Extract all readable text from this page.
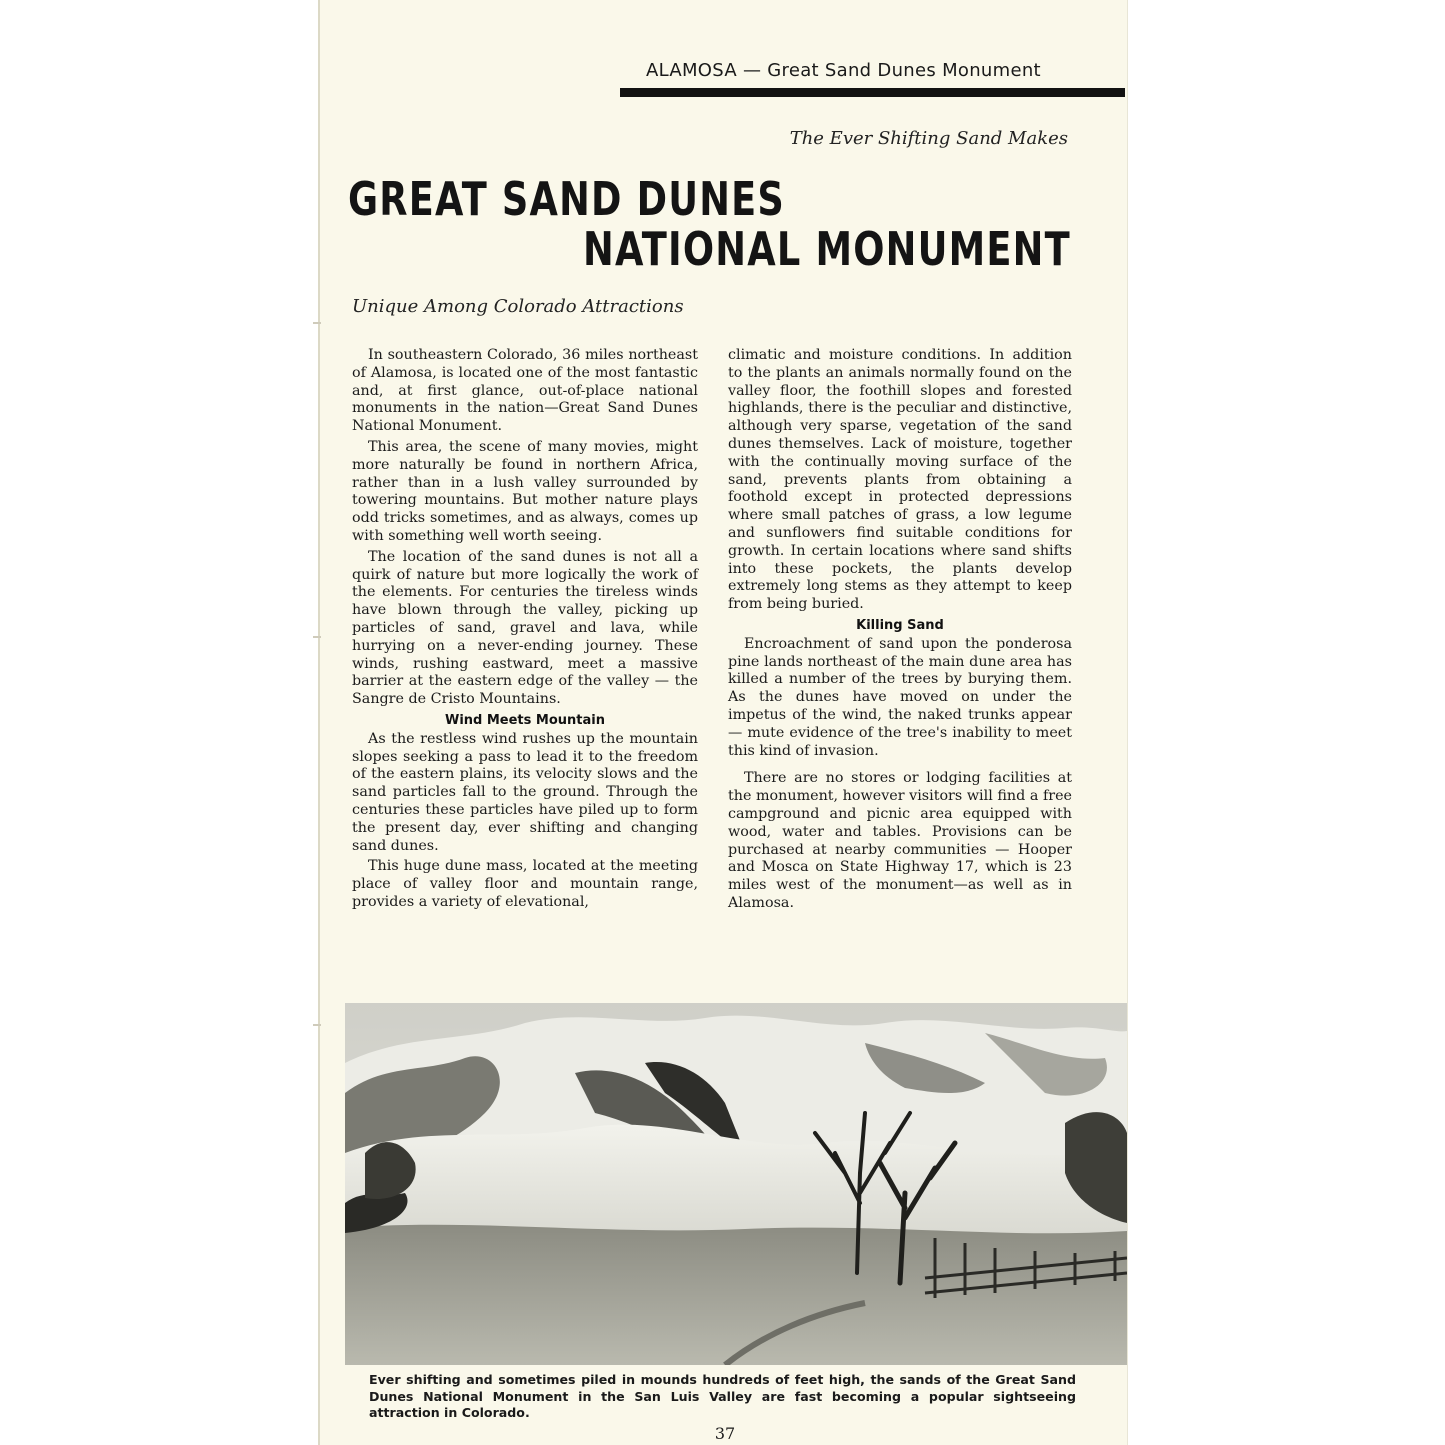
ALAMOSA — Great Sand Dunes Monument
The Ever Shifting Sand Makes
GREAT SAND DUNES
NATIONAL MONUMENT
Unique Among Colorado Attractions

In southeastern Colorado, 36 miles northeast of Alamosa, is located one of the most fantastic and, at first glance, out-of-place national monuments in the nation—Great Sand Dunes National Monument.

This area, the scene of many movies, might more naturally be found in northern Africa, rather than in a lush valley surrounded by towering mountains. But mother nature plays odd tricks sometimes, and as always, comes up with something well worth seeing.

The location of the sand dunes is not all a quirk of nature but more logically the work of the elements. For centuries the tireless winds have blown through the valley, picking up particles of sand, gravel and lava, while hurrying on a never-ending journey. These winds, rushing eastward, meet a massive barrier at the eastern edge of the valley — the Sangre de Cristo Mountains.

Wind Meets Mountain

As the restless wind rushes up the mountain slopes seeking a pass to lead it to the freedom of the eastern plains, its velocity slows and the sand particles fall to the ground. Through the centuries these particles have piled up to form the present day, ever shifting and changing sand dunes.

This huge dune mass, located at the meeting place of valley floor and mountain range, provides a variety of elevational,

climatic and moisture conditions. In addition to the plants an animals normally found on the valley floor, the foothill slopes and forested highlands, there is the peculiar and distinctive, although very sparse, vegetation of the sand dunes themselves. Lack of moisture, together with the continually moving surface of the sand, prevents plants from obtaining a foothold except in protected depressions where small patches of grass, a low legume and sunflowers find suitable conditions for growth. In certain locations where sand shifts into these pockets, the plants develop extremely long stems as they attempt to keep from being buried.

Killing Sand

Encroachment of sand upon the ponderosa pine lands northeast of the main dune area has killed a number of the trees by burying them. As the dunes have moved on under the impetus of the wind, the naked trunks appear — mute evidence of the tree's inability to meet this kind of invasion.

There are no stores or lodging facilities at the monument, however visitors will find a free campground and picnic area equipped with wood, water and tables. Provisions can be purchased at nearby communities — Hooper and Mosca on State Highway 17, which is 23 miles west of the monument—as well as in Alamosa.

Ever shifting and sometimes piled in mounds hundreds of feet high, the sands of the Great Sand Dunes National Monument in the San Luis Valley are fast becoming a popular sightseeing attraction in Colorado.
37
